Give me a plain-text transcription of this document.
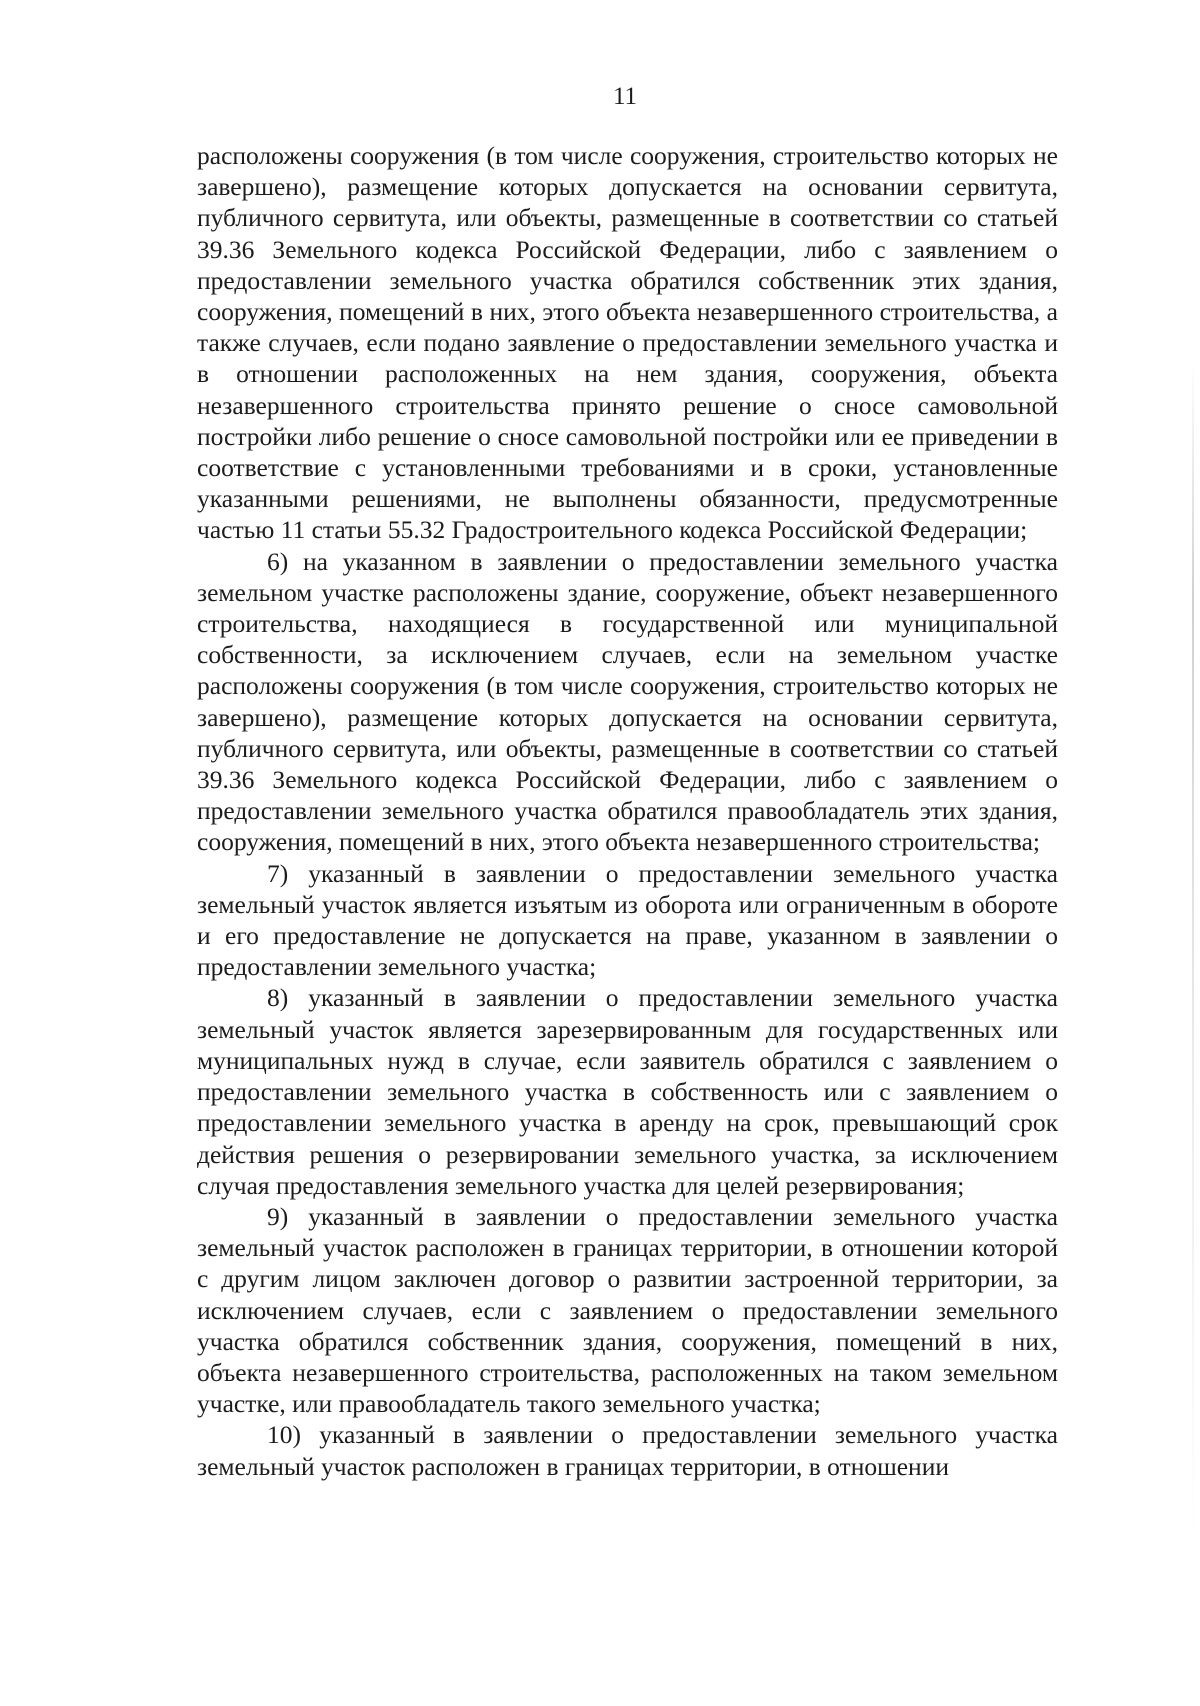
11

расположены сооружения (в том числе сооружения, строительство которых не завершено), размещение которых допускается на основании сервитута, публичного сервитута, или объекты, размещенные в соответствии со статьей 39.36 Земельного кодекса Российской Федерации, либо с заявлением о предоставлении земельного участка обратился собственник этих здания, сооружения, помещений в них, этого объекта незавершенного строительства, а также случаев, если подано заявление о предоставлении земельного участка и в отношении расположенных на нем здания, сооружения, объекта незавершенного строительства принято решение о сносе самовольной постройки либо решение о сносе самовольной постройки или ее приведении в соответствие с установленными требованиями и в сроки, установленные указанными решениями, не выполнены обязанности, предусмотренные частью 11 статьи 55.32 Градостроительного кодекса Российской Федерации;

6) на указанном в заявлении о предоставлении земельного участка земельном участке расположены здание, сооружение, объект незавершенного строительства, находящиеся в государственной или муниципальной собственности, за исключением случаев, если на земельном участке расположены сооружения (в том числе сооружения, строительство которых не завершено), размещение которых допускается на основании сервитута, публичного сервитута, или объекты, размещенные в соответствии со статьей 39.36 Земельного кодекса Российской Федерации, либо с заявлением о предоставлении земельного участка обратился правообладатель этих здания, сооружения, помещений в них, этого объекта незавершенного строительства;

7) указанный в заявлении о предоставлении земельного участка земельный участок является изъятым из оборота или ограниченным в обороте и его предоставление не допускается на праве, указанном в заявлении о предоставлении земельного участка;

8) указанный в заявлении о предоставлении земельного участка земельный участок является зарезервированным для государственных или муниципальных нужд в случае, если заявитель обратился с заявлением о предоставлении земельного участка в собственность или с заявлением о предоставлении земельного участка в аренду на срок, превышающий срок действия решения о резервировании земельного участка, за исключением случая предоставления земельного участка для целей резервирования;

9) указанный в заявлении о предоставлении земельного участка земельный участок расположен в границах территории, в отношении которой с другим лицом заключен договор о развитии застроенной территории, за исключением случаев, если с заявлением о предоставлении земельного участка обратился собственник здания, сооружения, помещений в них, объекта незавершенного строительства, расположенных на таком земельном участке, или правообладатель такого земельного участка;

10) указанный в заявлении о предоставлении земельного участка земельный участок расположен в границах территории, в отношении
